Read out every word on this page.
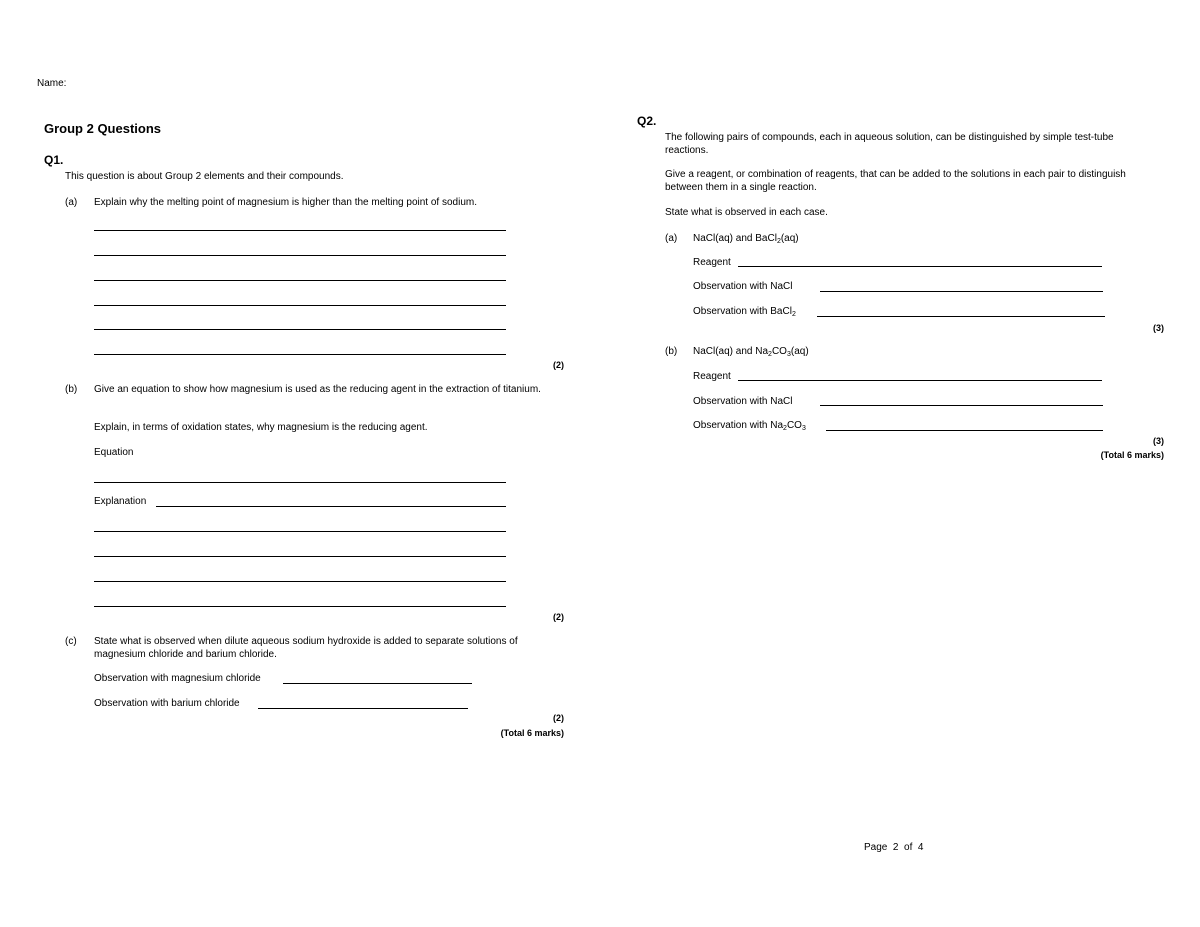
Name:
Group 2 Questions
Q1.
This question is about Group 2 elements and their compounds.
(a) Explain why the melting point of magnesium is higher than the melting point of sodium.
(2)
(b) Give an equation to show how magnesium is used as the reducing agent in the extraction of titanium.
Explain, in terms of oxidation states, why magnesium is the reducing agent.
Equation
Explanation
(2)
(c) State what is observed when dilute aqueous sodium hydroxide is added to separate solutions of magnesium chloride and barium chloride.
Observation with magnesium chloride
Observation with barium chloride
(2)
(Total 6 marks)
Q2.
The following pairs of compounds, each in aqueous solution, can be distinguished by simple test-tube reactions.
Give a reagent, or combination of reagents, that can be added to the solutions in each pair to distinguish between them in a single reaction.
State what is observed in each case.
(a) NaCl(aq) and BaCl$_2$(aq)
Reagent
Observation with NaCl
Observation with BaCl$_2$
(3)
(b) NaCl(aq) and $Na_2CO_3(aq)$
Reagent
Observation with NaCl
Observation with $Na_2CO_3$
(3)
(Total 6 marks)
Page  2  of  4
